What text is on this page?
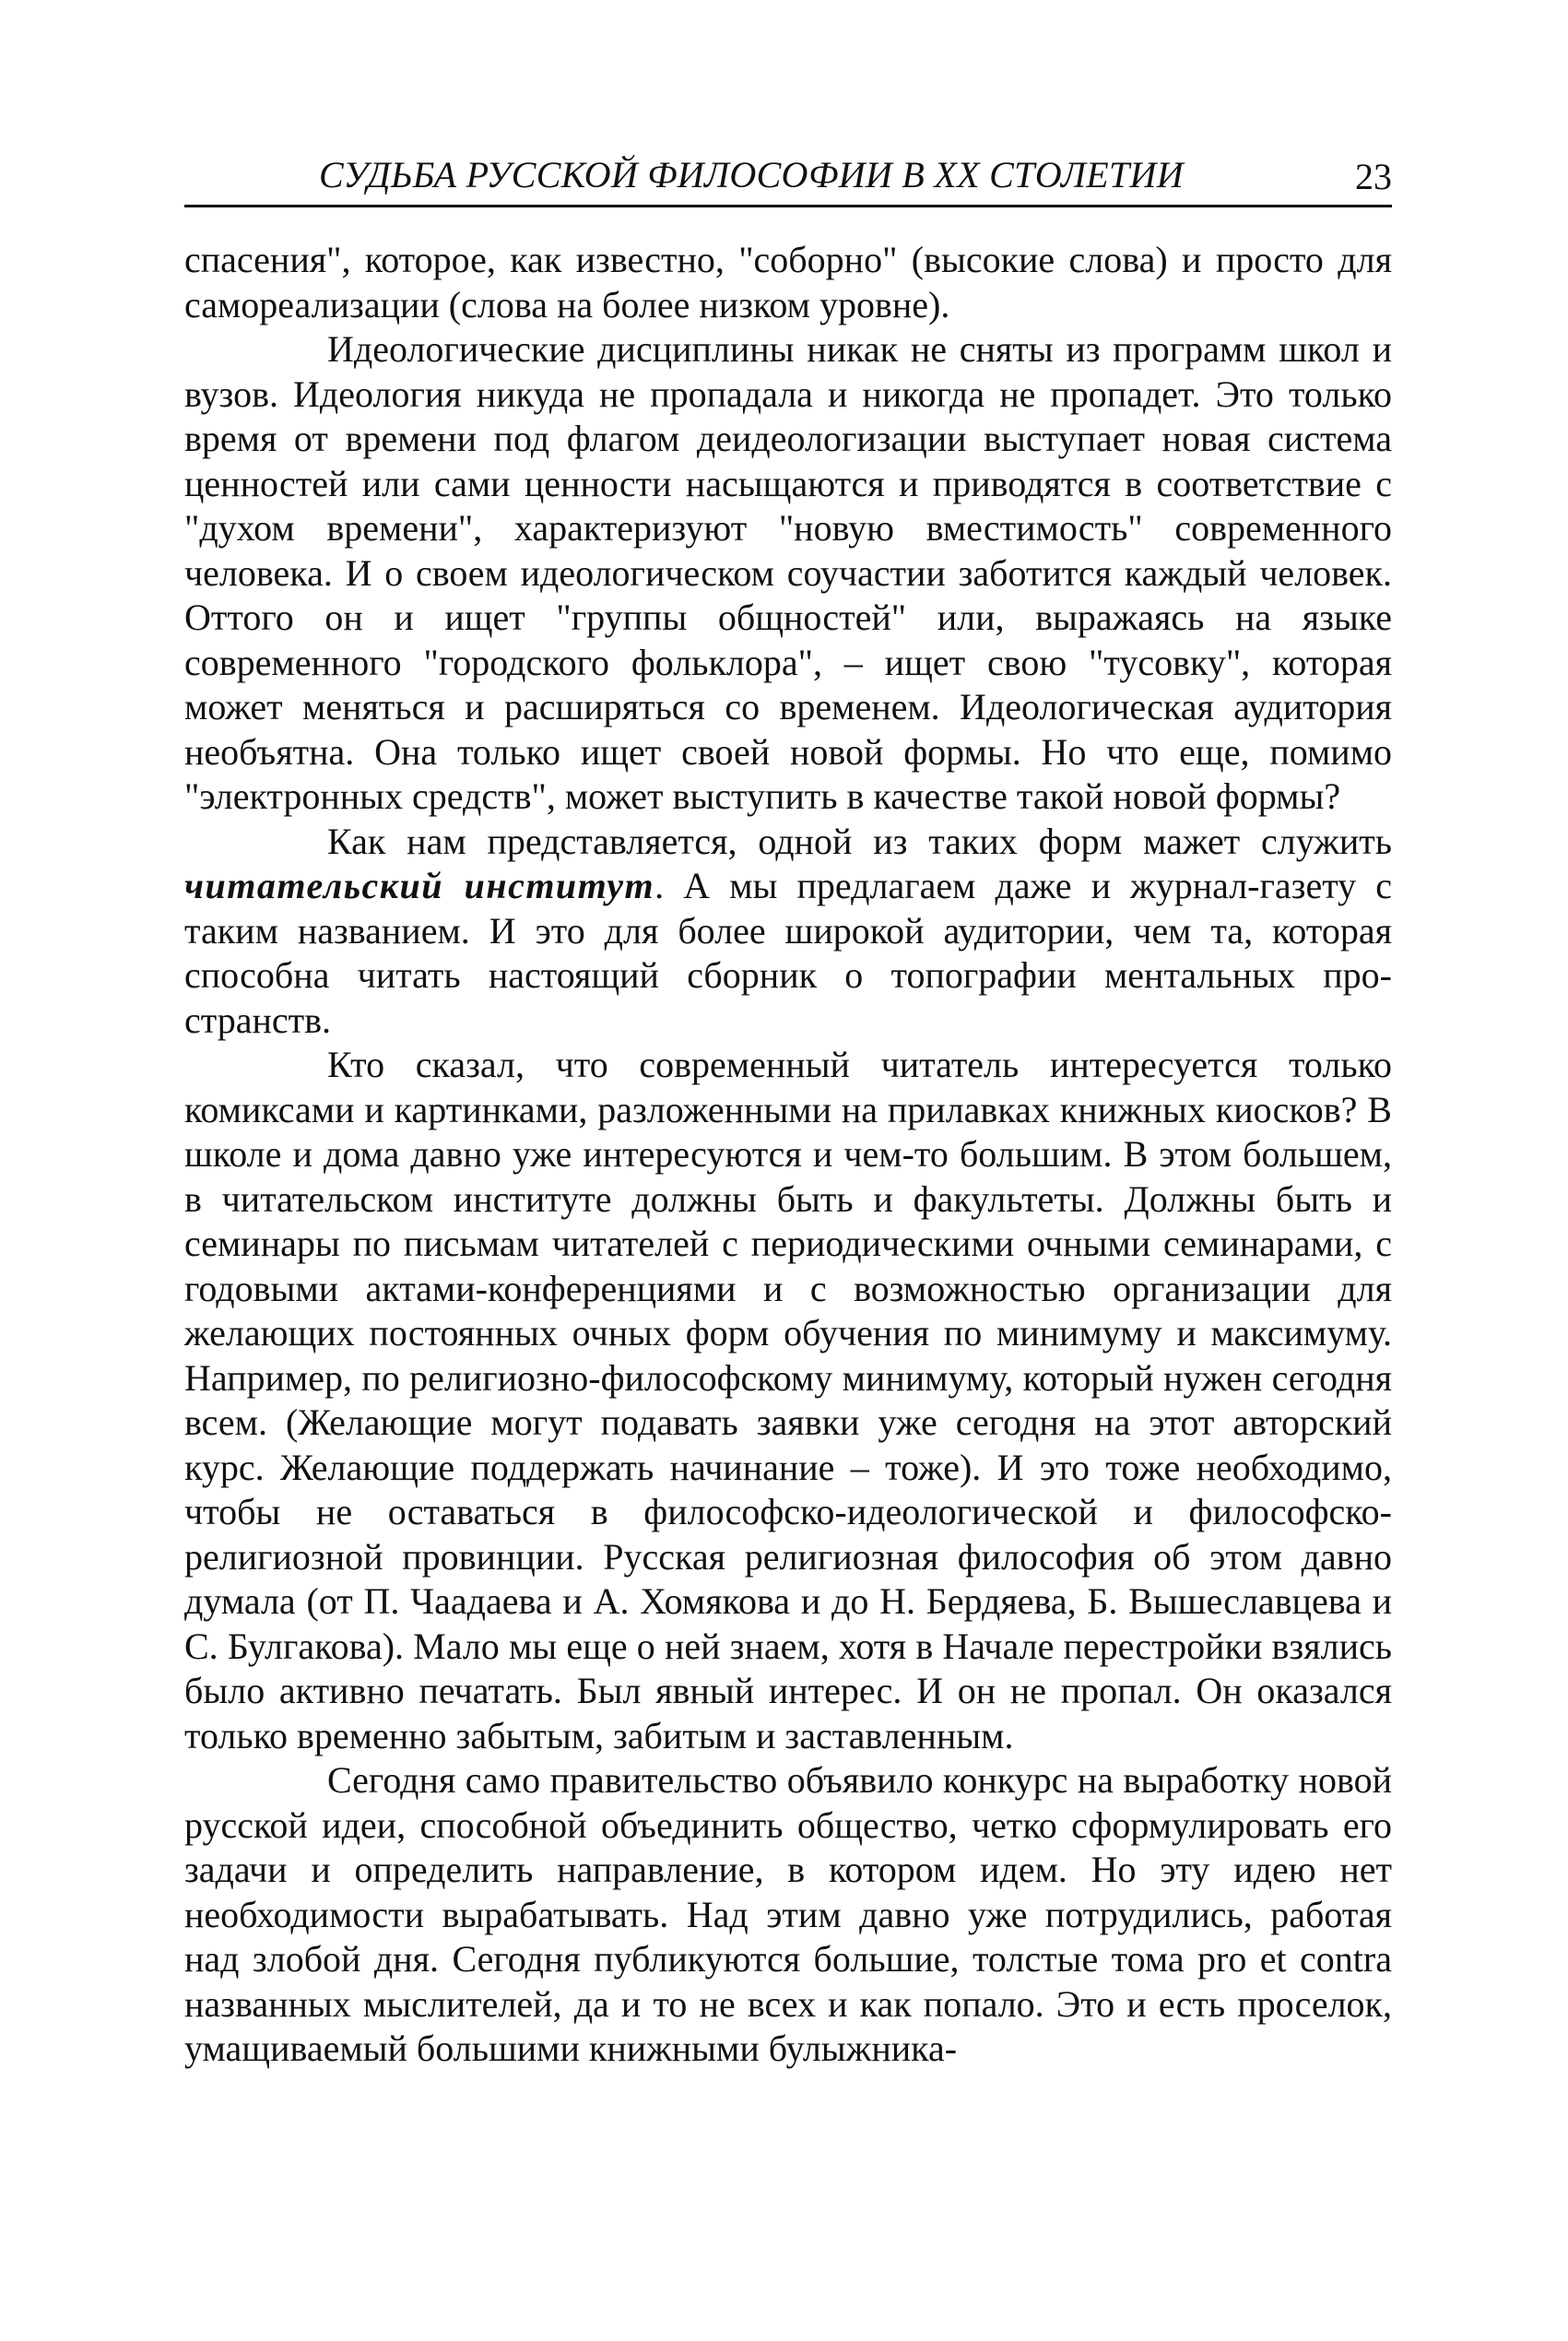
СУДЬБА РУССКОЙ ФИЛОСОФИИ В XX СТОЛЕТИИ	23

спасения", которое, как известно, "соборно" (высокие слова) и просто для самореализации (слова на более низком уровне).

Идеологические дисциплины никак не сняты из программ школ и вузов. Идеология никуда не пропадала и никогда не пропадет. Это только время от времени под флагом деидеологизации выступает новая система ценностей или сами ценности насыщаются и приводятся в соответствие с "духом времени", характеризуют "новую вместимость" современного человека. И о своем идеологическом соучастии заботится каждый человек. Оттого он и ищет "группы общностей" или, выражаясь на языке современного "городского фольклора", – ищет свою "тусовку", которая может меняться и расширяться со временем. Идеологическая аудитория необъятна. Она только ищет своей новой формы. Но что еще, помимо "электронных средств", может выступить в качестве такой новой формы?

Как нам представляется, одной из таких форм мажет служить читательский институт. А мы предлагаем даже и журнал-газету с таким названием. И это для более широкой аудитории, чем та, которая способна читать настоящий сборник о топографии ментальных пространств.

Кто сказал, что современный читатель интересуется только комиксами и картинками, разложенными на прилавках книжных киосков? В школе и дома давно уже интересуются и чем-то большим. В этом большем, в читательском институте должны быть и факультеты. Должны быть и семинары по письмам читателей с периодическими очными семинарами, с годовыми актами-конференциями и с возможностью организации для желающих постоянных очных форм обучения по минимуму и максимуму. Например, по религиозно-философскому минимуму, который нужен сегодня всем. (Желающие могут подавать заявки уже сегодня на этот авторский курс. Желающие поддержать начинание – тоже). И это тоже необходимо, чтобы не оставаться в философско-идеологической и философско-религиозной провинции. Русская религиозная философия об этом давно думала (от П. Чаадаева и А. Хомякова и до Н. Бердяева, Б. Вышеславцева и С. Булгакова). Мало мы еще о ней знаем, хотя в Начале перестройки взялись было активно печатать. Был явный интерес. И он не пропал. Он оказался только временно забытым, забитым и заставленным.

Сегодня само правительство объявило конкурс на выработку новой русской идеи, способной объединить общество, четко сформулировать его задачи и определить направление, в котором идем. Но эту идею нет необходимости вырабатывать. Над этим давно уже потрудились, работая над злобой дня. Сегодня публикуются большие, толстые тома pro et contra названных мыслителей, да и то не всех и как попало. Это и есть проселок, умащиваемый большими книжными булыжника-
